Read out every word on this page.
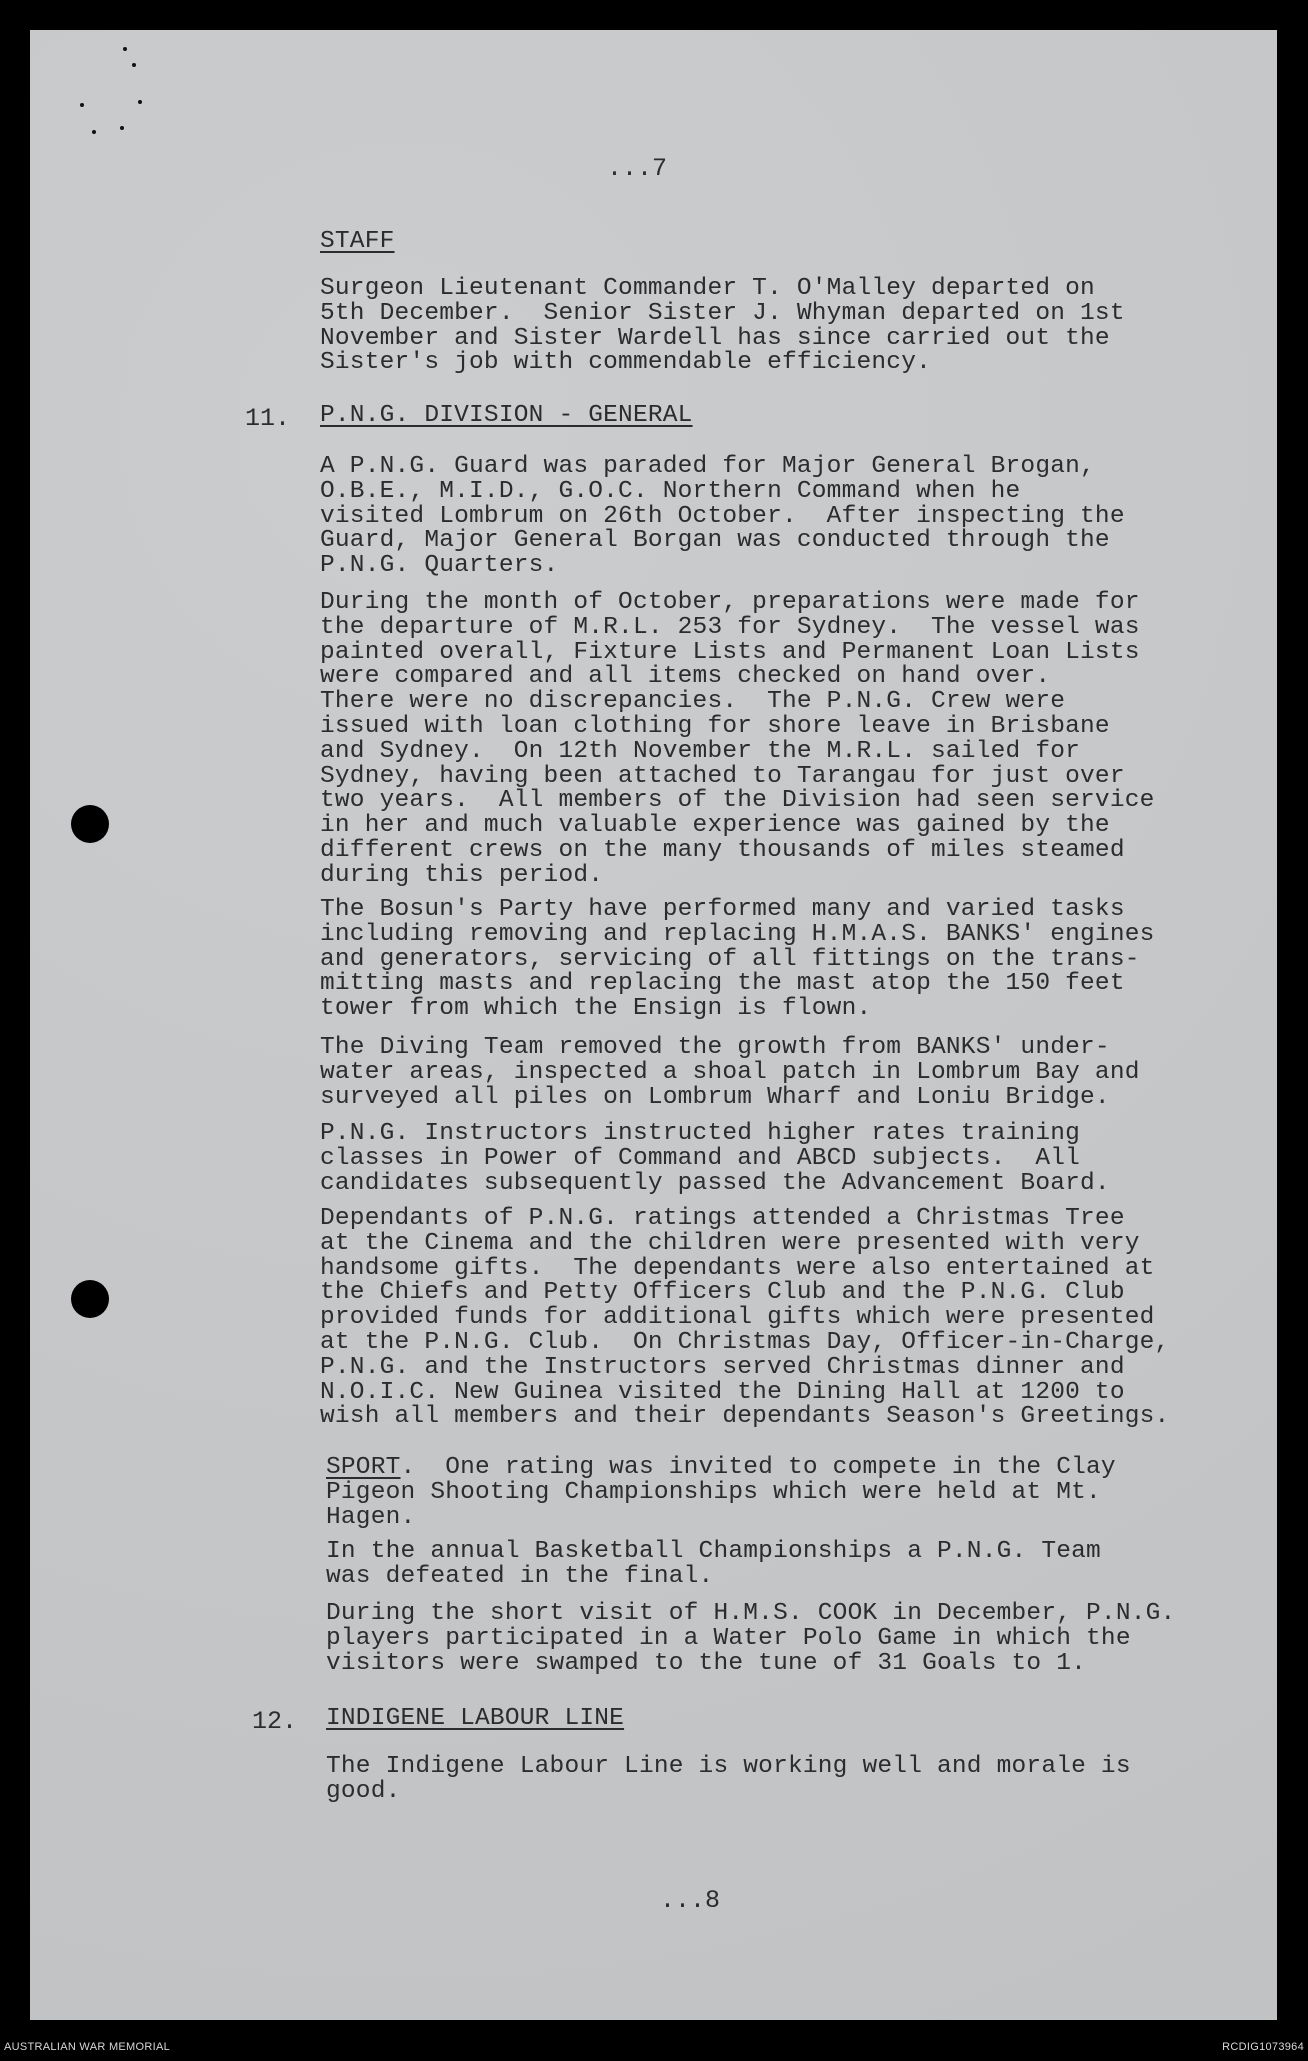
...7
STAFF
Surgeon Lieutenant Commander T. O'Malley departed on
5th December.  Senior Sister J. Whyman departed on 1st
November and Sister Wardell has since carried out the
Sister's job with commendable efficiency.
11. P.N.G. DIVISION - GENERAL
A P.N.G. Guard was paraded for Major General Brogan,
O.B.E., M.I.D., G.O.C. Northern Command when he
visited Lombrum on 26th October.  After inspecting the
Guard, Major General Borgan was conducted through the
P.N.G. Quarters.
During the month of October, preparations were made for
the departure of M.R.L. 253 for Sydney.  The vessel was
painted overall, Fixture Lists and Permanent Loan Lists
were compared and all items checked on hand over.
There were no discrepancies.  The P.N.G. Crew were
issued with loan clothing for shore leave in Brisbane
and Sydney.  On 12th November the M.R.L. sailed for
Sydney, having been attached to Tarangau for just over
two years.  All members of the Division had seen service
in her and much valuable experience was gained by the
different crews on the many thousands of miles steamed
during this period.
The Bosun's Party have performed many and varied tasks
including removing and replacing H.M.A.S. BANKS' engines
and generators, servicing of all fittings on the trans-
mitting masts and replacing the mast atop the 150 feet
tower from which the Ensign is flown.
The Diving Team removed the growth from BANKS' under-
water areas, inspected a shoal patch in Lombrum Bay and
surveyed all piles on Lombrum Wharf and Loniu Bridge.
P.N.G. Instructors instructed higher rates training
classes in Power of Command and ABCD subjects.  All
candidates subsequently passed the Advancement Board.
Dependants of P.N.G. ratings attended a Christmas Tree
at the Cinema and the children were presented with very
handsome gifts.  The dependants were also entertained at
the Chiefs and Petty Officers Club and the P.N.G. Club
provided funds for additional gifts which were presented
at the P.N.G. Club.  On Christmas Day, Officer-in-Charge,
P.N.G. and the Instructors served Christmas dinner and
N.O.I.C. New Guinea visited the Dining Hall at 1200 to
wish all members and their dependants Season's Greetings.
SPORT.  One rating was invited to compete in the Clay
Pigeon Shooting Championships which were held at Mt.
Hagen.
In the annual Basketball Championships a P.N.G. Team
was defeated in the final.
During the short visit of H.M.S. COOK in December, P.N.G.
players participated in a Water Polo Game in which the
visitors were swamped to the tune of 31 Goals to 1.
12. INDIGENE LABOUR LINE
The Indigene Labour Line is working well and morale is
good.
...8
AUSTRALIAN WAR MEMORIAL	RCDIG1073964
